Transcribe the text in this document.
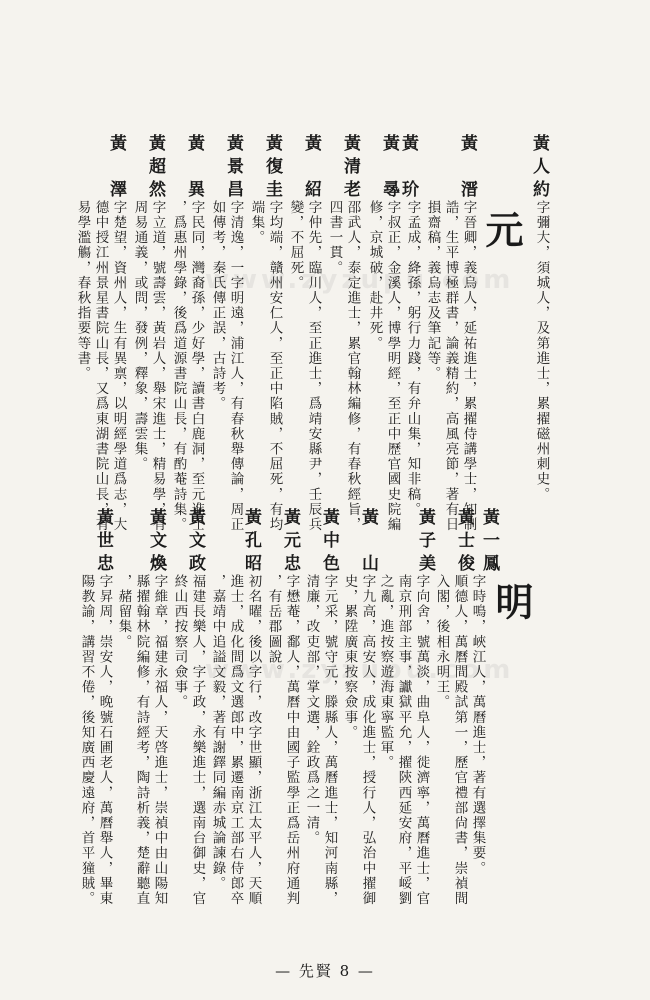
元
明
黃人約
字彌大，須城人，及第進士，累擢磁州刺史。
黃　溍
字晉卿，義烏人，延祐進士，累擢侍講學士，知制
誥，生平博極群書，論義精約，高風亮節，著有日
損齋稿，義烏志及筆記等。
黃　玠
字孟成，絳孫，躬行力踐，有弁山集，知非稿。
黃　㝷
字叔正，金溪人，博學明經，至正中歷官國史院編
修，京城破，赴井死。
黃清老
邵武人，泰定進士，累官翰林編修，有春秋經旨，
四書一貫。
黃　紹
字仲先，臨川人，至正進士，爲靖安縣尹，壬辰兵
變，不屈死。
黃復圭
字均端，贛州安仁人，至正中陷賊，不屈死，有均
端集。
黃景昌
字清逸，一字明遠，浦江人，有春秋舉傳論，周正
如傳考，秦氏傳正誤，古詩考。
黃　異
字民同，灣裔孫，少好學，讀書白鹿洞，至元進士
，爲惠州學錄，後爲道源書院山長，有酌菴詩集。
黃超然
字立道，號壽雲，黃岩人，舉宋進士，精易學，有
周易通義，或問，發例，釋象，壽雲集。
黃　澤
字楚望，資州人，生有異禀，以明經學道爲志，大
德中授江州景星書院山長，又爲東湖書院山長，有
易學濫觴，春秋指要等書。
黃一鳳
字時鳴，峽江人，萬曆進士，著有選擇集要。
黃士俊
順德人，萬曆間殿試第一，歷官禮部尙書，崇禎間
入閣，後相永明王。
黃子美
字向舍，號萬淡，曲阜人，徙濟寧，萬曆進士，官
南京刑部主事，讞獄平允，擢陝西延安府，平㟎劉
之亂，進按察遊海東寧監軍。
黃　山
字九高，高安人，成化進士，授行人，弘治中擢御
史，累陞廣東按察僉事。
黃中色
字元采，號守元，滕縣人，萬曆進士，知河南縣，
清廉，改吏部，掌文選，銓政爲之一清。
黃元忠
字懋菴，鄱人，萬曆中由國子監學正爲岳州府通判
，有岳郡圖說。
黃孔昭
初名曜，後以字行，改字世顯，浙江太平人，天順
進士，成化間爲文選郎中，累遷南京工部右侍郎卒
，嘉靖中追謚文毅，著有謝鐸同編赤城論諫錄。
黃文政
福建長樂人，字子政，永樂進士，選南台御史，官
終山西按察司僉事。
黃文煥
字維章，福建永福人，天啓進士，崇禎中由山陽知
縣擢翰林院編修，有詩經考，陶詩析義，楚辭聽直
，赭留集。
黃世忠
字昇周，崇安人，晚號石圃老人，萬曆舉人，畢東
陽教諭，講習不倦，後知廣西慶遠府，首平獞賊。
www.zyzupu.com
www.zyzupu.com
— 先賢 8 —
